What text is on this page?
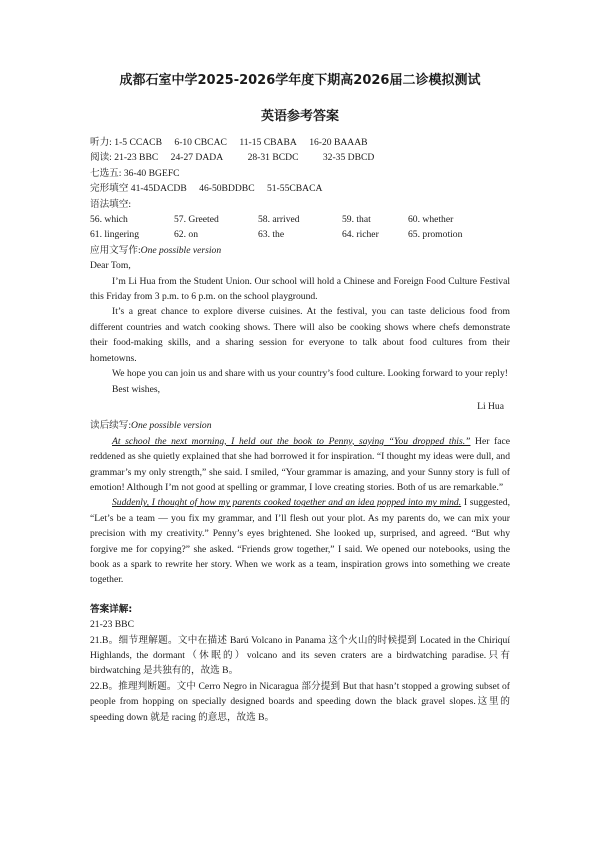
成都石室中学2025-2026学年度下期高2026届二诊模拟测试

英语参考答案

听力: 1-5 CCACB 6-10 CBCAC 11-15 CBABA 16-20 BAAAB

阅读: 21-23 BBC 24-27 DADA	28-31 BCDC	32-35 DBCD

七选五: 36-40 BGEFC

完形填空 41-45DACDB 46-50BDDBC 51-55CBACA

语法填空:

56. which	57. Greeted	58. arrived	59. that	60. whether
61. lingering	62. on	63. the	64. richer	65. promotion

应用文写作:One possible version

Dear Tom,

I’m Li Hua from the Student Union. Our school will hold a Chinese and Foreign Food Culture Festival this Friday from 3 p.m. to 6 p.m. on the school playground.

It’s a great chance to explore diverse cuisines. At the festival, you can taste delicious food from different countries and watch cooking shows. There will also be cooking shows where chefs demonstrate their food-making skills, and a sharing session for everyone to talk about food cultures from their hometowns.

We hope you can join us and share with us your country’s food culture. Looking forward to your reply!

Best wishes,

Li Hua

读后续写:One possible version

At school the next morning, I held out the book to Penny, saying “You dropped this.” Her face reddened as she quietly explained that she had borrowed it for inspiration. “I thought my ideas were dull, and grammar’s my only strength,” she said. I smiled, “Your grammar is amazing, and your Sunny story is full of emotion! Although I’m not good at spelling or grammar, I love creating stories. Both of us are remarkable.”

Suddenly, I thought of how my parents cooked together and an idea popped into my mind. I suggested, “Let’s be a team — you fix my grammar, and I’ll flesh out your plot. As my parents do, we can mix your precision with my creativity.” Penny’s eyes brightened. She looked up, surprised, and agreed. “But why forgive me for copying?” she asked. “Friends grow together,” I said. We opened our notebooks, using the book as a spark to rewrite her story. When we work as a team, inspiration grows into something we create together.

答案详解:

21-23 BBC

21.B。细节理解题。文中在描述 Barú Volcano in Panama 这个火山的时候提到 Located in the Chiriquí Highlands, the dormant（休眠的）volcano and its seven craters are a birdwatching paradise.只有 birdwatching 是共独有的，故选 B。

22.B。推理判断题。文中 Cerro Negro in Nicaragua 部分提到 But that hasn’t stopped a growing subset of people from hopping on specially designed boards and speeding down the black gravel slopes.这里的 speeding down 就是 racing 的意思，故选 B。
